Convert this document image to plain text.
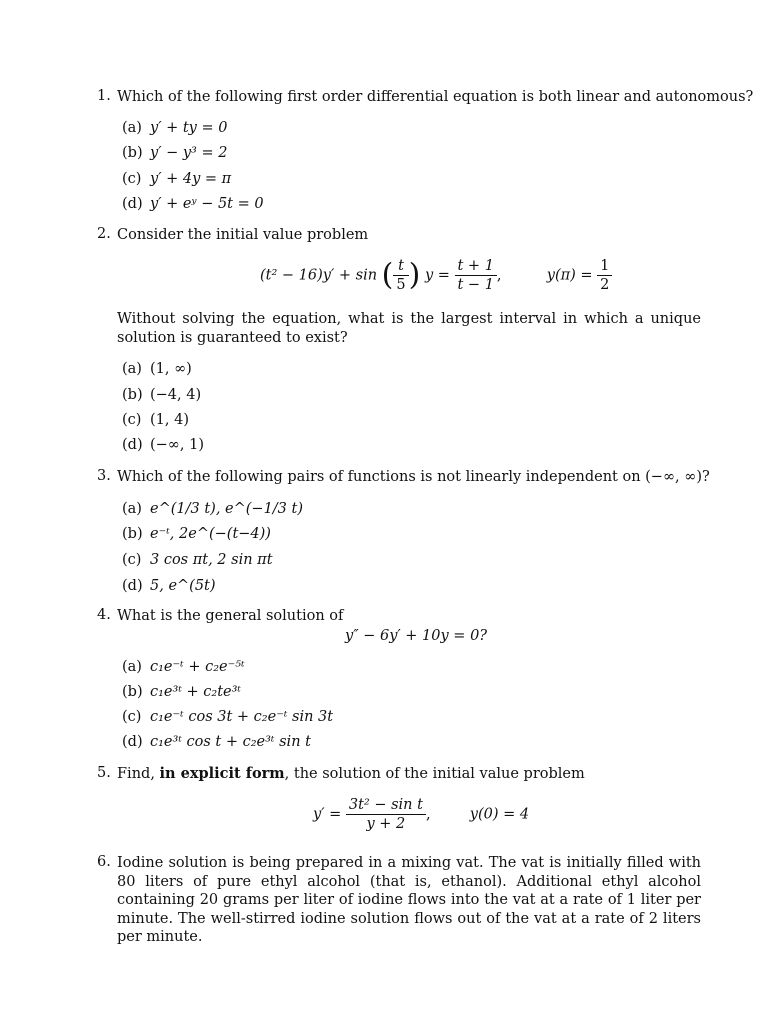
1. Which of the following first order differential equation is both linear and autonomous?
(a) y′ + ty = 0
(b) y′ − y³ = 2
(c) y′ + 4y = π
(d) y′ + eʸ − 5t = 0
2. Consider the initial value problem
(t² − 16)y′ + sin ( $\frac{t}{5}$ ) $y = \frac{t + 1}{t - 1}$ ,	$y(\pi) = \frac{1}{2}$
Without solving the equation, what is the largest interval in which a unique solution is guaranteed to exist?
(a) (1, ∞)
(b) (−4, 4)
(c) (1, 4)
(d) (−∞, 1)
3. Which of the following pairs of functions is not linearly independent on (−∞, ∞)?
(a) e^(1/3 t), e^(−1/3 t)
(b) e⁻ᵗ, 2e^(−(t−4))
(c) 3 cos πt, 2 sin πt
(d) 5, e^(5t)
4. What is the general solution of
y″ − 6y′ + 10y = 0?
(a) c₁e⁻ᵗ + c₂e⁻⁵ᵗ
(b) c₁e³ᵗ + c₂te³ᵗ
(c) c₁e⁻ᵗ cos 3t + c₂e⁻ᵗ sin 3t
(d) c₁e³ᵗ cos t + c₂e³ᵗ sin t
5. Find, in explicit form, the solution of the initial value problem
$y' = \frac{\text{3t² − sin t}}{y + 2}$ ,	y(0) = 4
6. Iodine solution is being prepared in a mixing vat. The vat is initially filled with 80 liters of pure ethyl alcohol (that is, ethanol). Additional ethyl alcohol containing 20 grams per liter of iodine flows into the vat at a rate of 1 liter per minute. The well-stirred iodine solution flows out of the vat at a rate of 2 liters per minute.
